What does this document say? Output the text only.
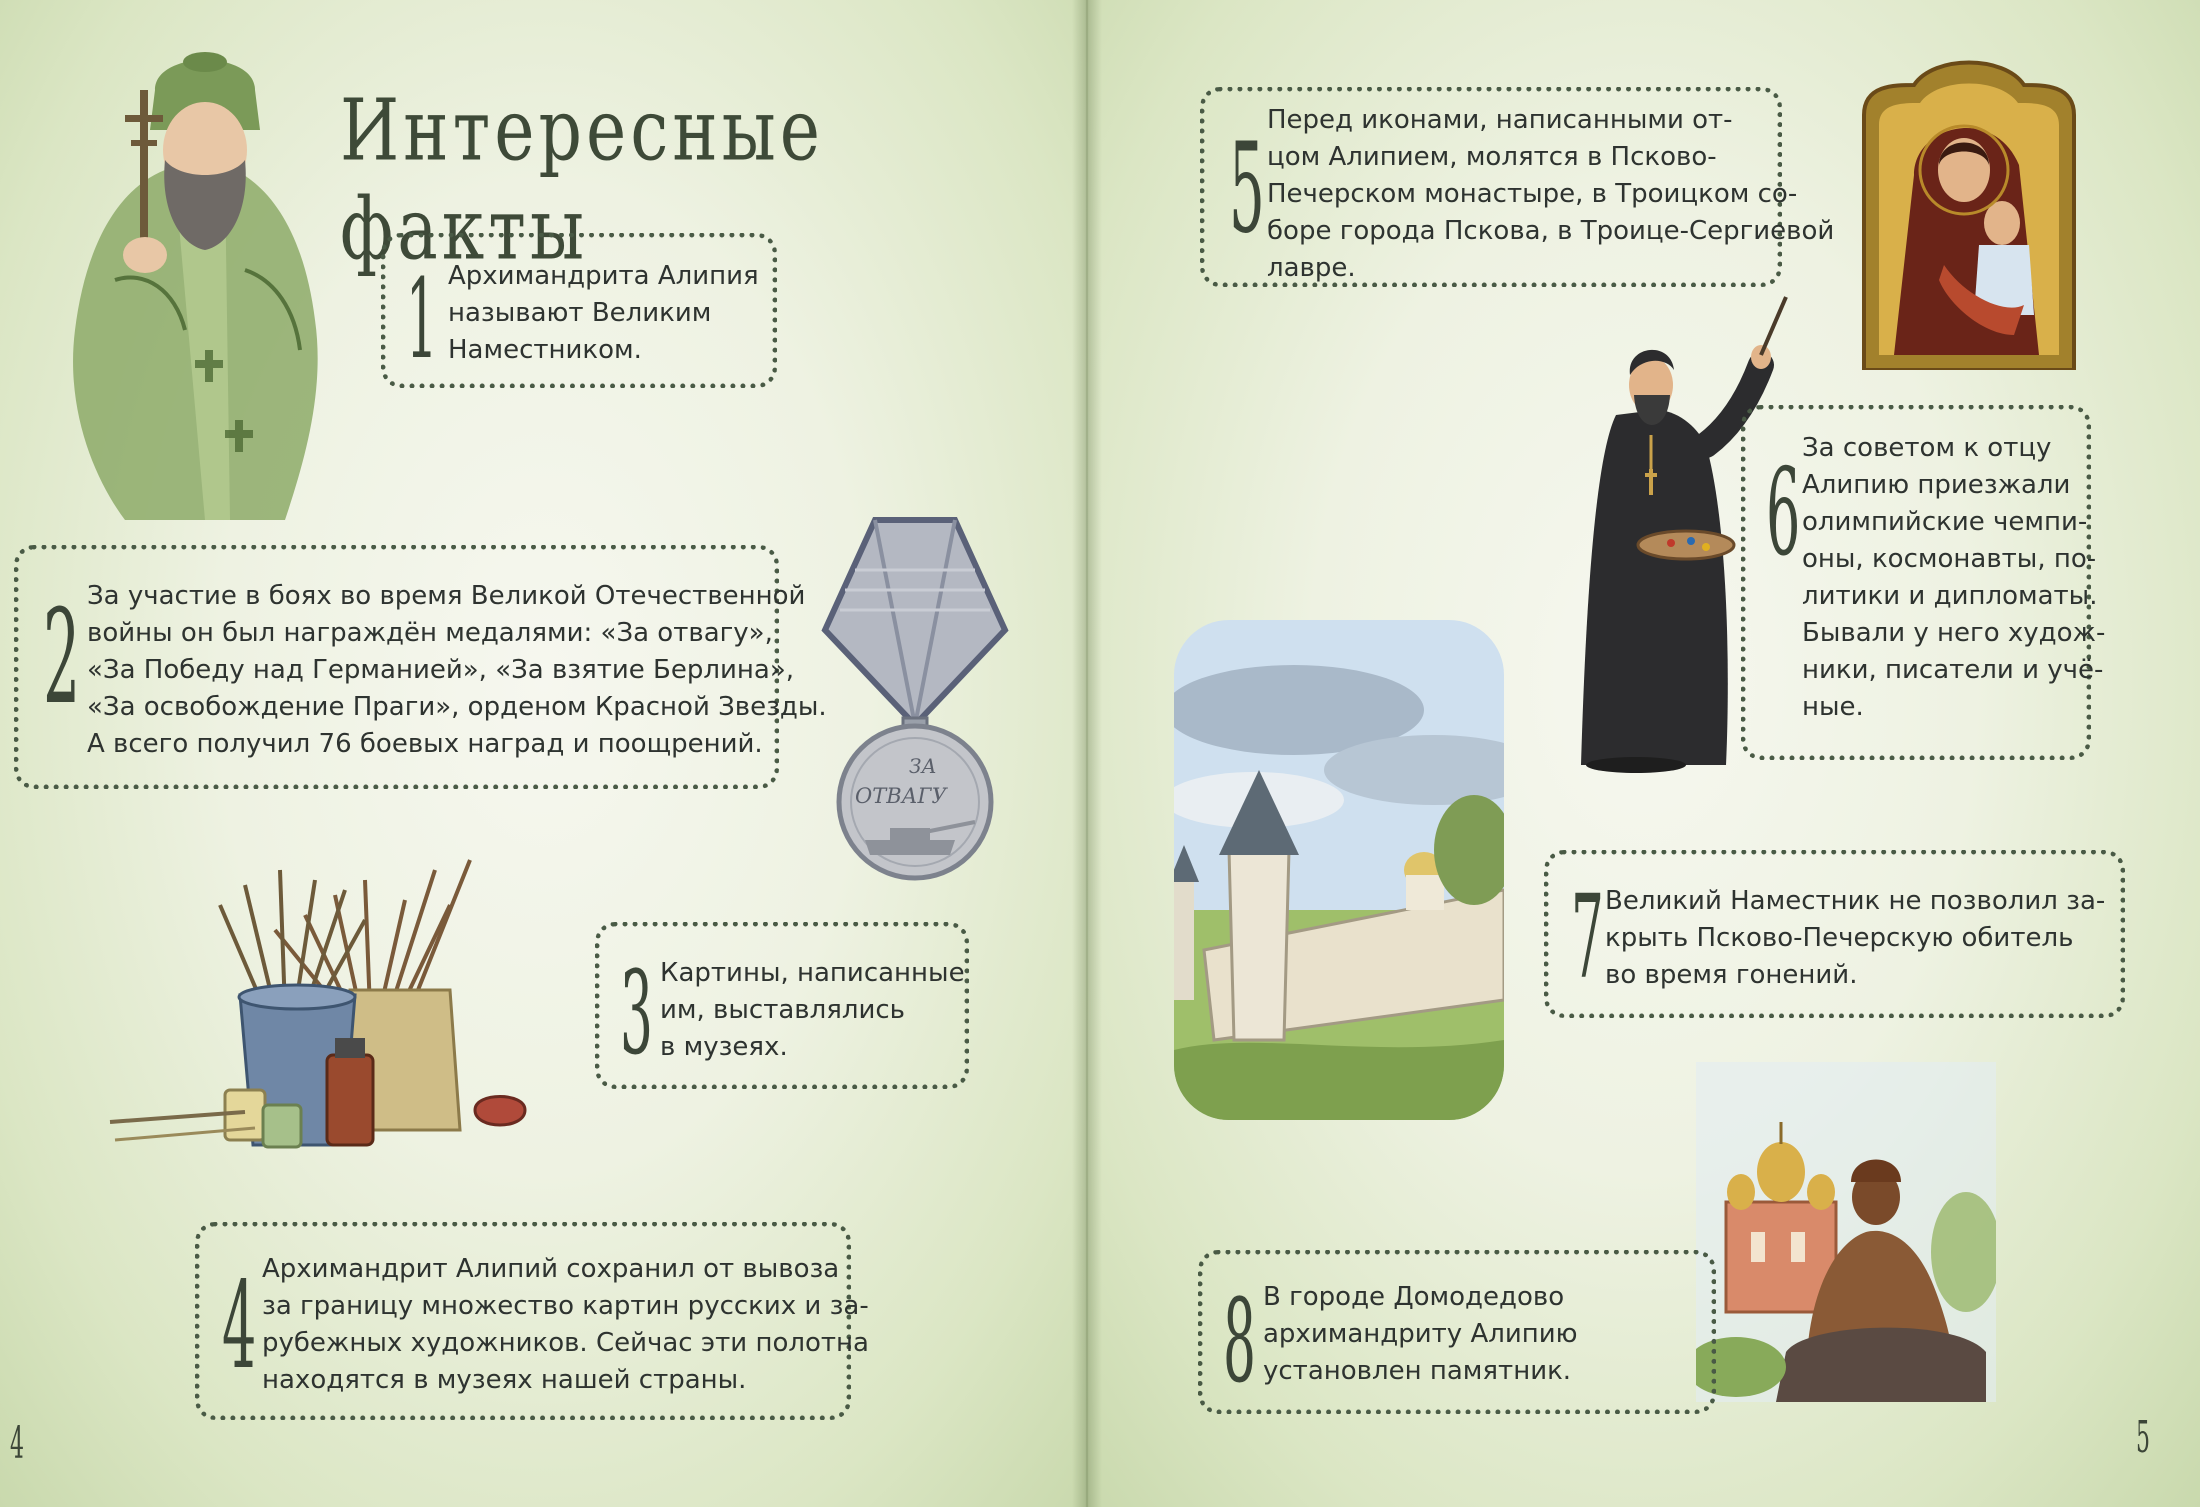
Интересные факты
1 Архимандрита Алипия
называют Великим
Наместником.
2 За участие в боях во время Великой Отечественной
войны он был награждён медалями: «За отвагу»,
«За Победу над Германией», «За взятие Берлина»,
«За освобождение Праги», орденом Красной Звезды.
А всего получил 76 боевых наград и поощрений.
ЗА
ОТВАГУ
3 Картины, написанные
им, выставлялись
в музеях.
4 Архимандрит Алипий сохранил от вывоза
за границу множество картин русских и за-
рубежных художников. Сейчас эти полотна
находятся в музеях нашей страны.
4
5 Перед иконами, написанными от-
цом Алипием, молятся в Псково-
Печерском монастыре, в Троицком со-
боре города Пскова, в Троице-Сергиевой
лавре.
6 За советом к отцу
Алипию приезжали
олимпийские чемпи-
оны, космонавты, по-
литики и дипломаты.
Бывали у него худож-
ники, писатели и учё-
ные.
7 Великий Наместник не позволил за-
крыть Псково-Печерскую обитель
во время гонений.
8 В городе Домодедово
архимандриту Алипию
установлен памятник.
5
